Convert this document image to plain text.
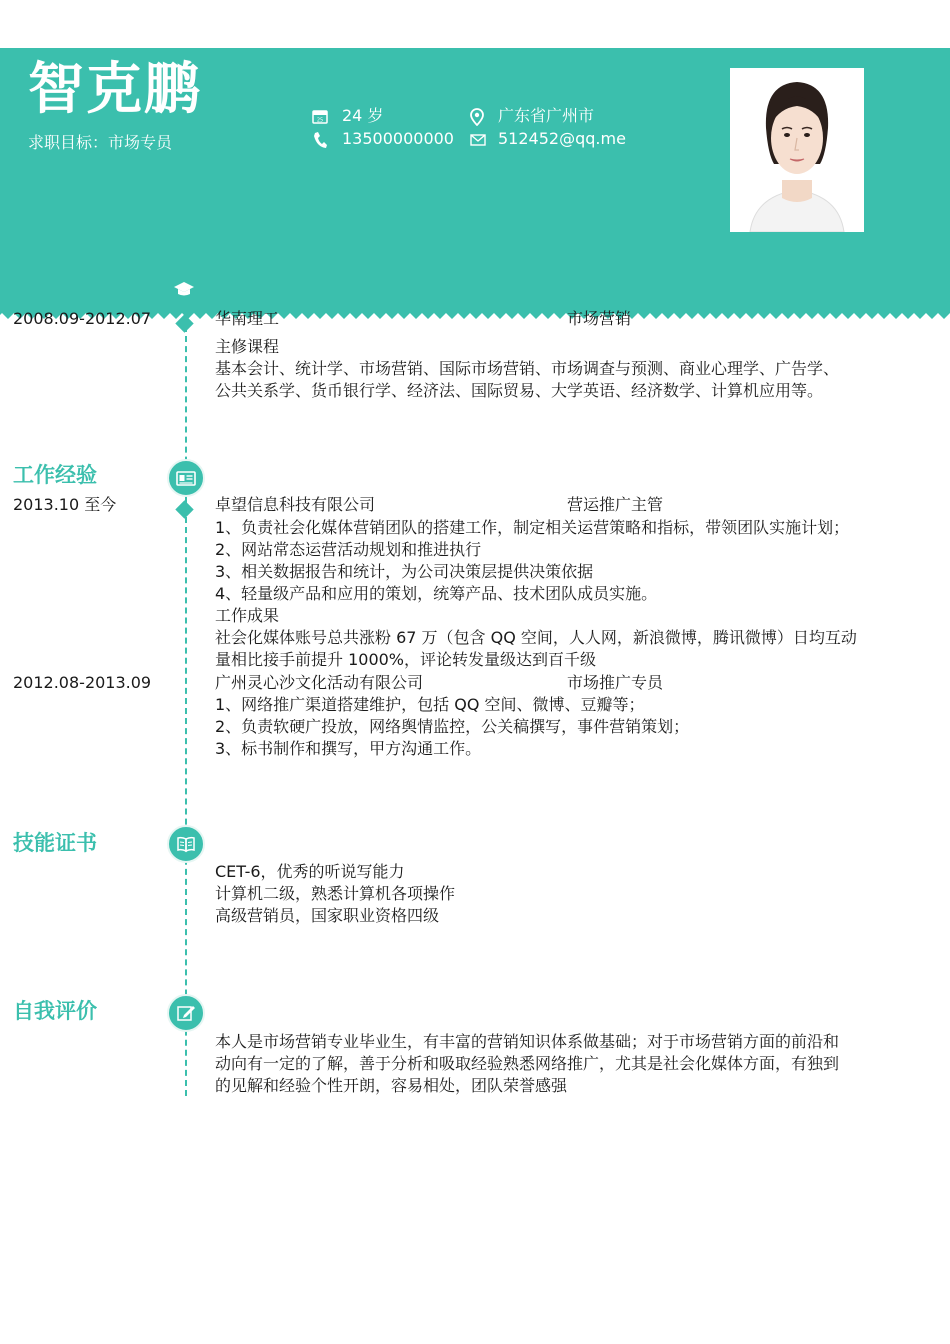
智克鹏
求职目标：市场专员
25 24 岁
13500000000
广东省广州市
512452@qq.me
2008.09-2012.07	华南理工	市场营销
主修课程
基本会计、统计学、市场营销、国际市场营销、市场调查与预测、商业心理学、广告学、
公共关系学、货币银行学、经济法、国际贸易、大学英语、经济数学、计算机应用等。
工作经验
2013.10 至今	卓望信息科技有限公司	营运推广主管
1、负责社会化媒体营销团队的搭建工作，制定相关运营策略和指标，带领团队实施计划；
2、网站常态运营活动规划和推进执行
3、相关数据报告和统计，为公司决策层提供决策依据
4、轻量级产品和应用的策划，统筹产品、技术团队成员实施。
工作成果
社会化媒体账号总共涨粉 67 万（包含 QQ 空间，人人网，新浪微博，腾讯微博）日均互动
量相比接手前提升 1000%，评论转发量级达到百千级
2012.08-2013.09	广州灵心沙文化活动有限公司	市场推广专员
1、网络推广渠道搭建维护，包括 QQ 空间、微博、豆瓣等；
2、负责软硬广投放，网络舆情监控，公关稿撰写，事件营销策划；
3、标书制作和撰写，甲方沟通工作。
技能证书
CET-6，优秀的听说写能力
计算机二级，熟悉计算机各项操作
高级营销员，国家职业资格四级
自我评价
本人是市场营销专业毕业生，有丰富的营销知识体系做基础；对于市场营销方面的前沿和
动向有一定的了解，善于分析和吸取经验熟悉网络推广，尤其是社会化媒体方面，有独到
的见解和经验个性开朗，容易相处，团队荣誉感强
